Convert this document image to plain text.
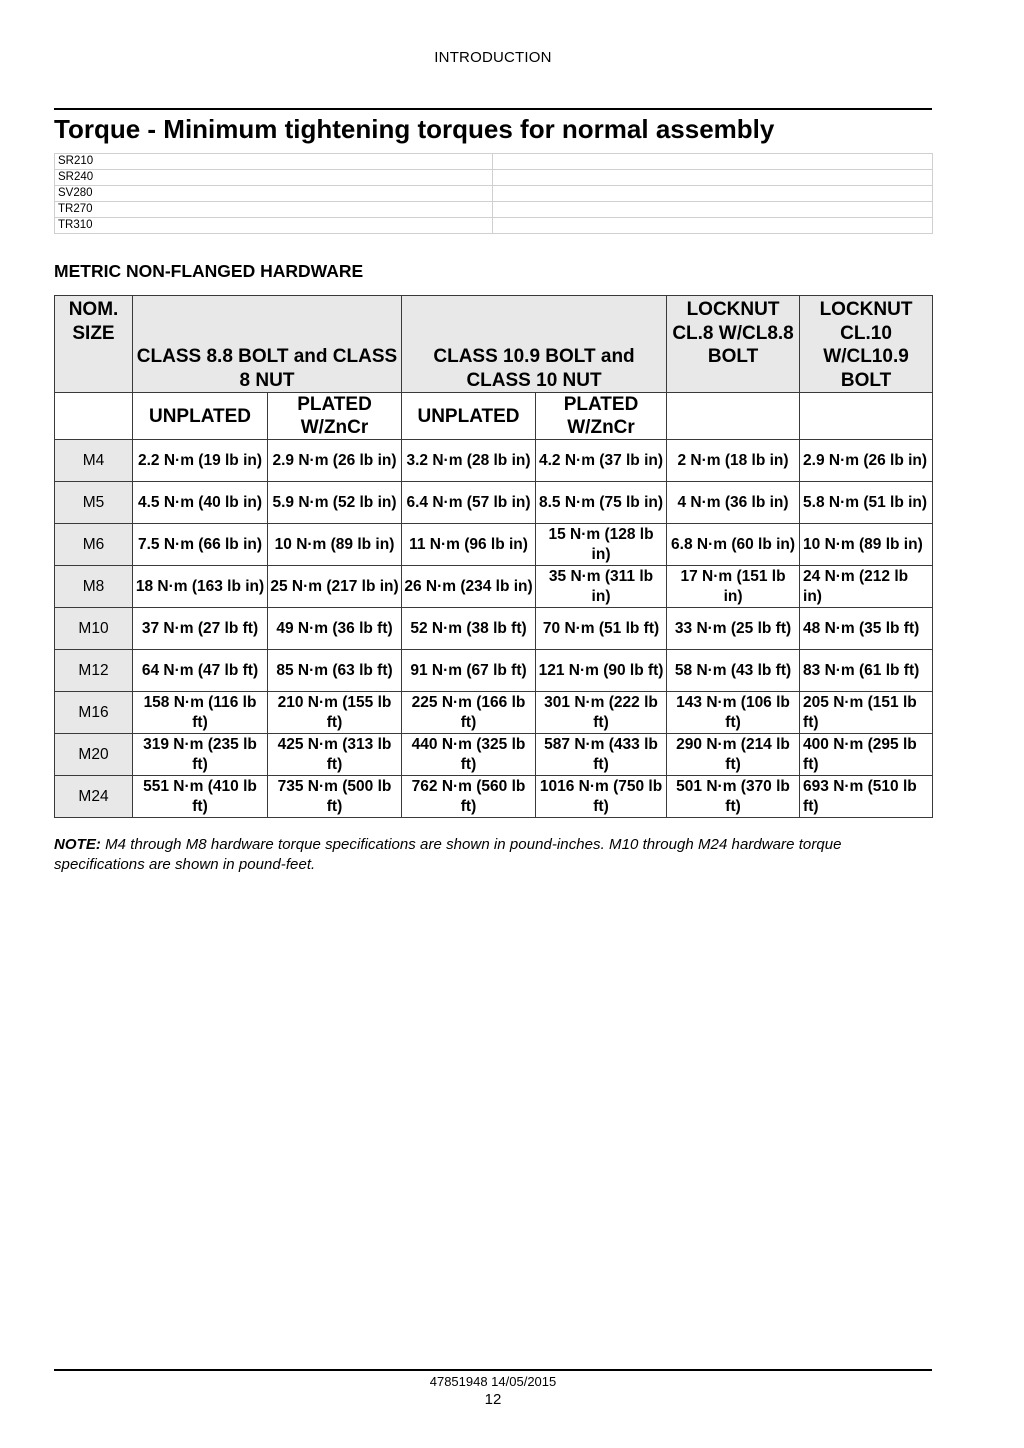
INTRODUCTION
Torque - Minimum tightening torques for normal assembly
SR210	
SR240	
SV280	
TR270	
TR310	
METRIC NON-FLANGED HARDWARE
NOM. SIZE	CLASS 8.8 BOLT and CLASS 8 NUT		CLASS 10.9 BOLT and CLASS 10 NUT		LOCKNUT CL.8 W/CL8.8 BOLT	LOCKNUT CL.10 W/CL10.9 BOLT
	UNPLATED	PLATED W/ZnCr	UNPLATED	PLATED W/ZnCr		
M4	2.2 N·m (19 lb in)	2.9 N·m (26 lb in)	3.2 N·m (28 lb in)	4.2 N·m (37 lb in)	2 N·m (18 lb in)	2.9 N·m (26 lb in)
M5	4.5 N·m (40 lb in)	5.9 N·m (52 lb in)	6.4 N·m (57 lb in)	8.5 N·m (75 lb in)	4 N·m (36 lb in)	5.8 N·m (51 lb in)
M6	7.5 N·m (66 lb in)	10 N·m (89 lb in)	11 N·m (96 lb in)	15 N·m (128 lb in)	6.8 N·m (60 lb in)	10 N·m (89 lb in)
M8	18 N·m (163 lb in)	25 N·m (217 lb in)	26 N·m (234 lb in)	35 N·m (311 lb in)	17 N·m (151 lb in)	24 N·m (212 lb in)
M10	37 N·m (27 lb ft)	49 N·m (36 lb ft)	52 N·m (38 lb ft)	70 N·m (51 lb ft)	33 N·m (25 lb ft)	48 N·m (35 lb ft)
M12	64 N·m (47 lb ft)	85 N·m (63 lb ft)	91 N·m (67 lb ft)	121 N·m (90 lb ft)	58 N·m (43 lb ft)	83 N·m (61 lb ft)
M16	158 N·m (116 lb ft)	210 N·m (155 lb ft)	225 N·m (166 lb ft)	301 N·m (222 lb ft)	143 N·m (106 lb ft)	205 N·m (151 lb ft)
M20	319 N·m (235 lb ft)	425 N·m (313 lb ft)	440 N·m (325 lb ft)	587 N·m (433 lb ft)	290 N·m (214 lb ft)	400 N·m (295 lb ft)
M24	551 N·m (410 lb ft)	735 N·m (500 lb ft)	762 N·m (560 lb ft)	1016 N·m (750 lb ft)	501 N·m (370 lb ft)	693 N·m (510 lb ft)

NOTE: M4 through M8 hardware torque specifications are shown in pound-inches. M10 through M24 hardware torque specifications are shown in pound-feet.

47851948 14/05/2015
12
